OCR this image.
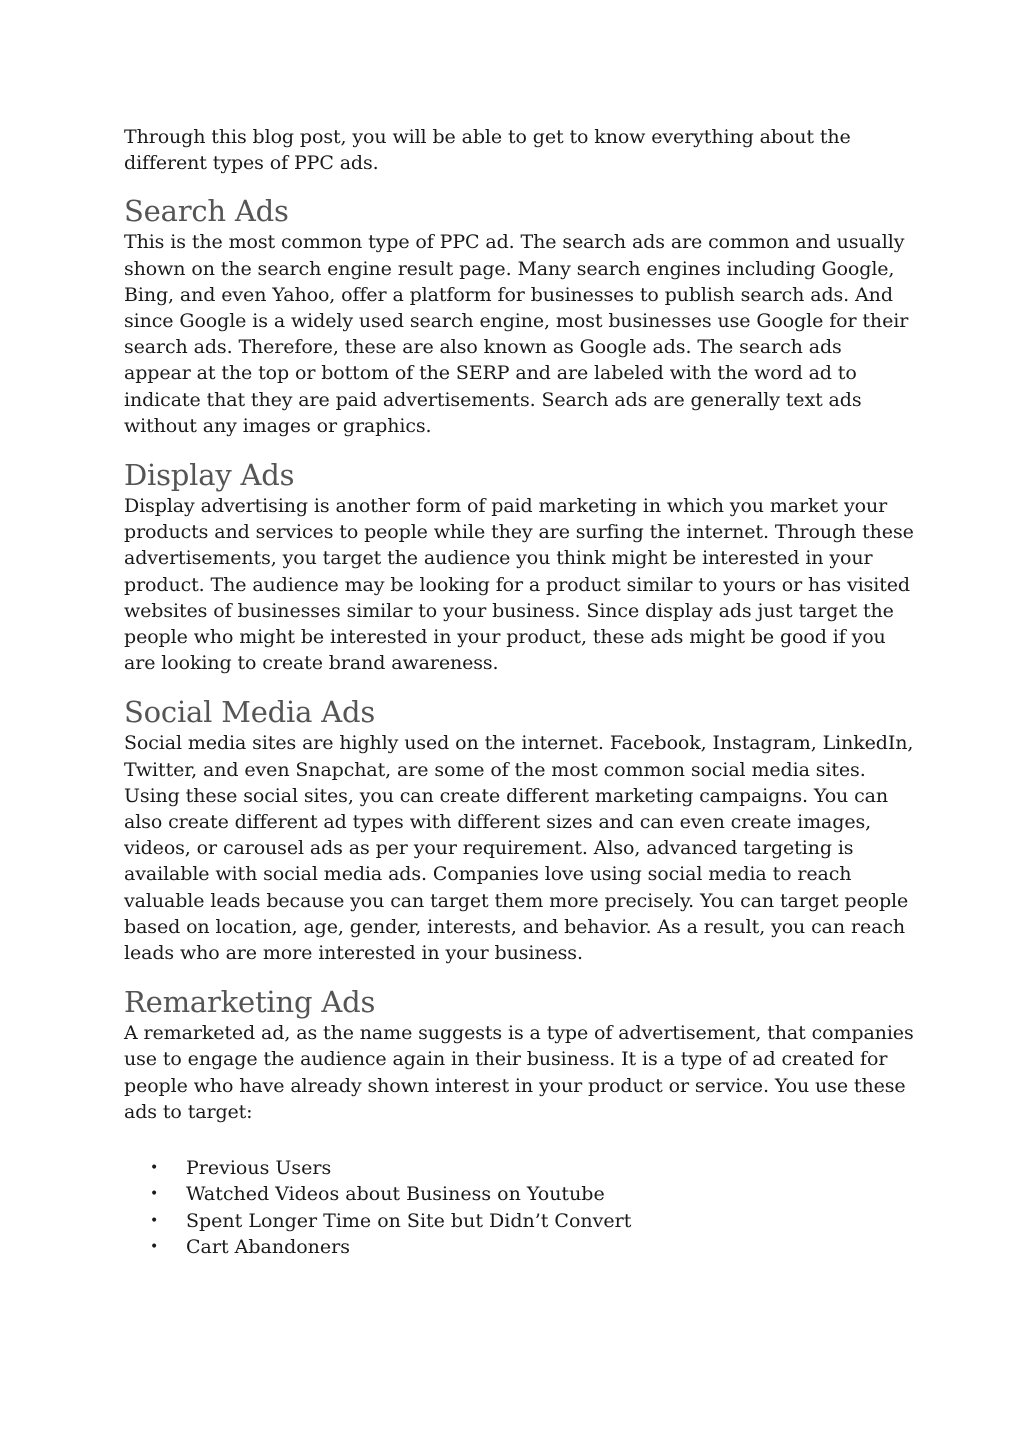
Through this blog post, you will be able to get to know everything about the different types of PPC ads.

Search Ads

This is the most common type of PPC ad. The search ads are common and usually shown on the search engine result page. Many search engines including Google, Bing, and even Yahoo, offer a platform for businesses to publish search ads. And since Google is a widely used search engine, most businesses use Google for their search ads. Therefore, these are also known as Google ads. The search ads appear at the top or bottom of the SERP and are labeled with the word ad to indicate that they are paid advertisements. Search ads are generally text ads without any images or graphics.

Display Ads

Display advertising is another form of paid marketing in which you market your products and services to people while they are surfing the internet. Through these advertisements, you target the audience you think might be interested in your product. The audience may be looking for a product similar to yours or has visited websites of businesses similar to your business. Since display ads just target the people who might be interested in your product, these ads might be good if you are looking to create brand awareness.

Social Media Ads

Social media sites are highly used on the internet. Facebook, Instagram, LinkedIn, Twitter, and even Snapchat, are some of the most common social media sites. Using these social sites, you can create different marketing campaigns. You can also create different ad types with different sizes and can even create images, videos, or carousel ads as per your requirement. Also, advanced targeting is available with social media ads. Companies love using social media to reach valuable leads because you can target them more precisely. You can target people based on location, age, gender, interests, and behavior. As a result, you can reach leads who are more interested in your business.

Remarketing Ads

A remarketed ad, as the name suggests is a type of advertisement, that companies use to engage the audience again in their business. It is a type of ad created for people who have already shown interest in your product or service. You use these ads to target:

• Previous Users
• Watched Videos about Business on Youtube
• Spent Longer Time on Site but Didn’t Convert
• Cart Abandoners
